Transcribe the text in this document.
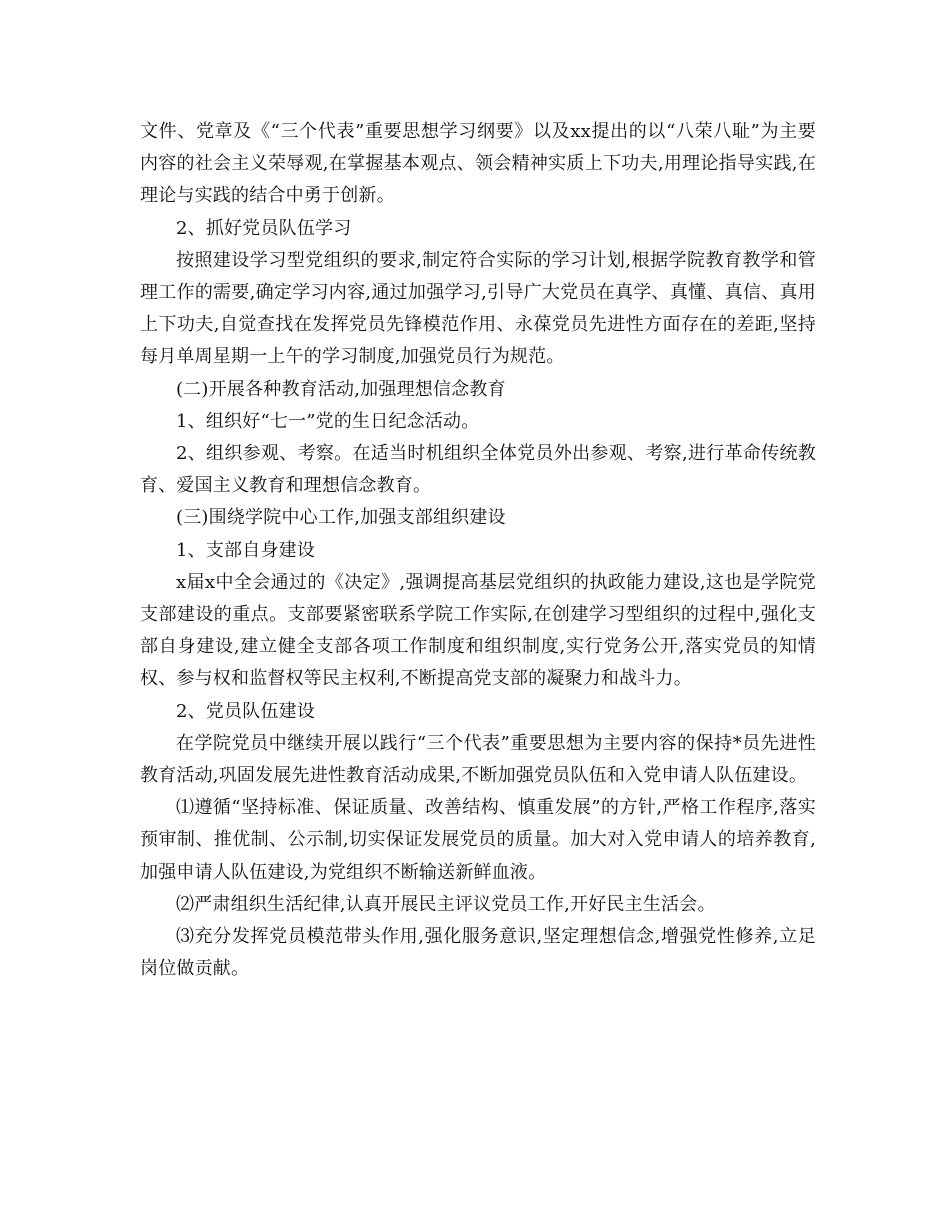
文件、党章及《“三个代表”重要思想学习纲要》以及xx提出的以“八荣八耻”为主要内容的社会主义荣辱观,在掌握基本观点、领会精神实质上下功夫,用理论指导实践,在理论与实践的结合中勇于创新。

2、抓好党员队伍学习

按照建设学习型党组织的要求,制定符合实际的学习计划,根据学院教育教学和管理工作的需要,确定学习内容,通过加强学习,引导广大党员在真学、真懂、真信、真用上下功夫,自觉查找在发挥党员先锋模范作用、永葆党员先进性方面存在的差距,坚持每月单周星期一上午的学习制度,加强党员行为规范。

(二)开展各种教育活动,加强理想信念教育

1、组织好“七一”党的生日纪念活动。

2、组织参观、考察。在适当时机组织全体党员外出参观、考察,进行革命传统教育、爱国主义教育和理想信念教育。

(三)围绕学院中心工作,加强支部组织建设

1、支部自身建设

x届x中全会通过的《决定》,强调提高基层党组织的执政能力建设,这也是学院党支部建设的重点。支部要紧密联系学院工作实际,在创建学习型组织的过程中,强化支部自身建设,建立健全支部各项工作制度和组织制度,实行党务公开,落实党员的知情权、参与权和监督权等民主权利,不断提高党支部的凝聚力和战斗力。

2、党员队伍建设

在学院党员中继续开展以践行“三个代表”重要思想为主要内容的保持*员先进性教育活动,巩固发展先进性教育活动成果,不断加强党员队伍和入党申请人队伍建设。

⑴遵循“坚持标准、保证质量、改善结构、慎重发展”的方针,严格工作程序,落实预审制、推优制、公示制,切实保证发展党员的质量。加大对入党申请人的培养教育,加强申请人队伍建设,为党组织不断输送新鲜血液。

⑵严肃组织生活纪律,认真开展民主评议党员工作,开好民主生活会。

⑶充分发挥党员模范带头作用,强化服务意识,坚定理想信念,增强党性修养,立足岗位做贡献。
